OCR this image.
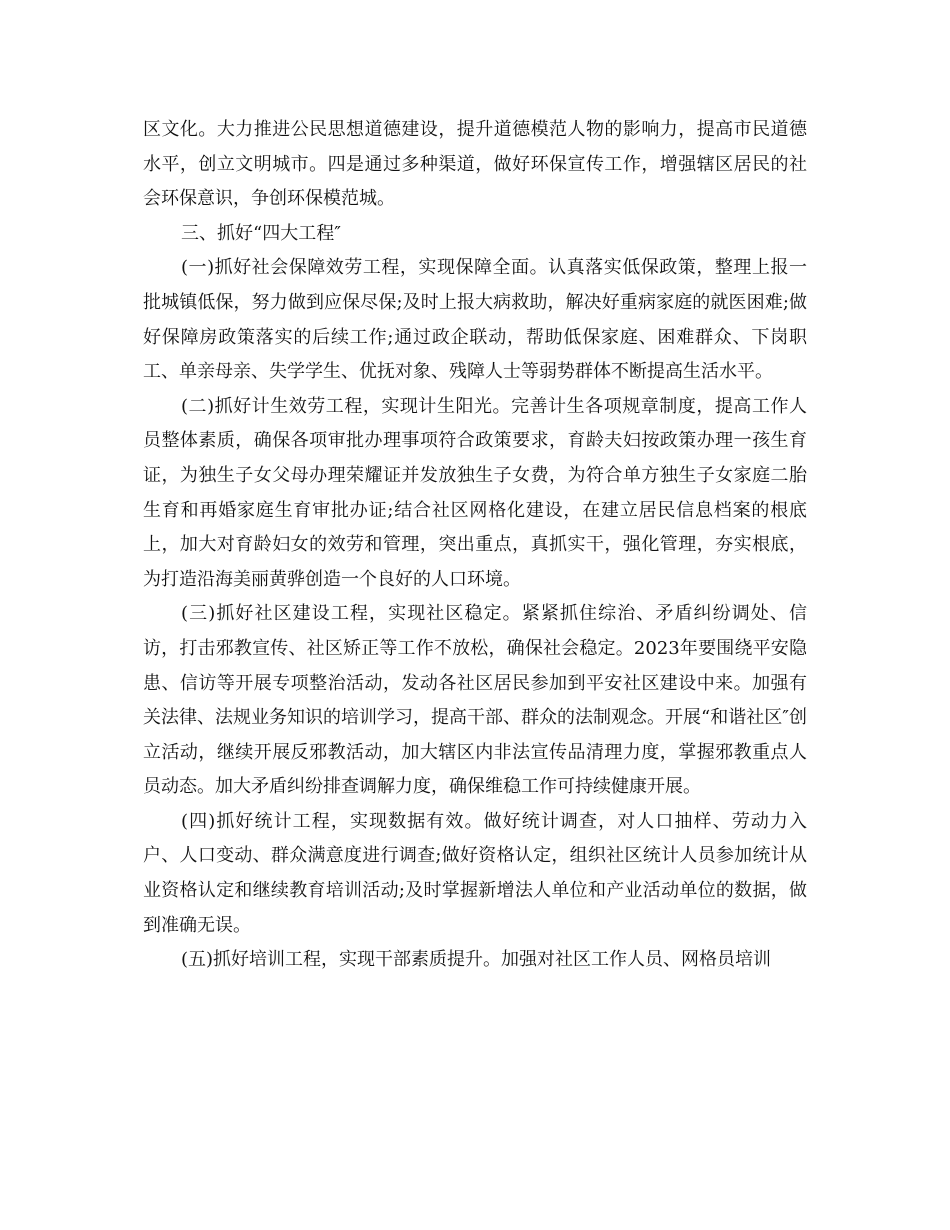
区文化。大力推进公民思想道德建设，提升道德模范人物的影响力，提高市民道德水平，创立文明城市。四是通过多种渠道，做好环保宣传工作，增强辖区居民的社会环保意识，争创环保模范城。

三、抓好“四大工程″

(一)抓好社会保障效劳工程，实现保障全面。认真落实低保政策，整理上报一批城镇低保，努力做到应保尽保;及时上报大病救助，解决好重病家庭的就医困难;做好保障房政策落实的后续工作;通过政企联动，帮助低保家庭、困难群众、下岗职工、单亲母亲、失学学生、优抚对象、残障人士等弱势群体不断提高生活水平。

(二)抓好计生效劳工程，实现计生阳光。完善计生各项规章制度，提高工作人员整体素质，确保各项审批办理事项符合政策要求，育龄夫妇按政策办理一孩生育证，为独生子女父母办理荣耀证并发放独生子女费，为符合单方独生子女家庭二胎生育和再婚家庭生育审批办证;结合社区网格化建设，在建立居民信息档案的根底上，加大对育龄妇女的效劳和管理，突出重点，真抓实干，强化管理，夯实根底，为打造沿海美丽黄骅创造一个良好的人口环境。

(三)抓好社区建设工程，实现社区稳定。紧紧抓住综治、矛盾纠纷调处、信访，打击邪教宣传、社区矫正等工作不放松，确保社会稳定。2023年要围绕平安隐患、信访等开展专项整治活动，发动各社区居民参加到平安社区建设中来。加强有关法律、法规业务知识的培训学习，提高干部、群众的法制观念。开展“和谐社区″创立活动，继续开展反邪教活动，加大辖区内非法宣传品清理力度，掌握邪教重点人员动态。加大矛盾纠纷排查调解力度，确保维稳工作可持续健康开展。

(四)抓好统计工程，实现数据有效。做好统计调查，对人口抽样、劳动力入户、人口变动、群众满意度进行调查;做好资格认定，组织社区统计人员参加统计从业资格认定和继续教育培训活动;及时掌握新增法人单位和产业活动单位的数据，做到准确无误。

(五)抓好培训工程，实现干部素质提升。加强对社区工作人员、网格员培训
